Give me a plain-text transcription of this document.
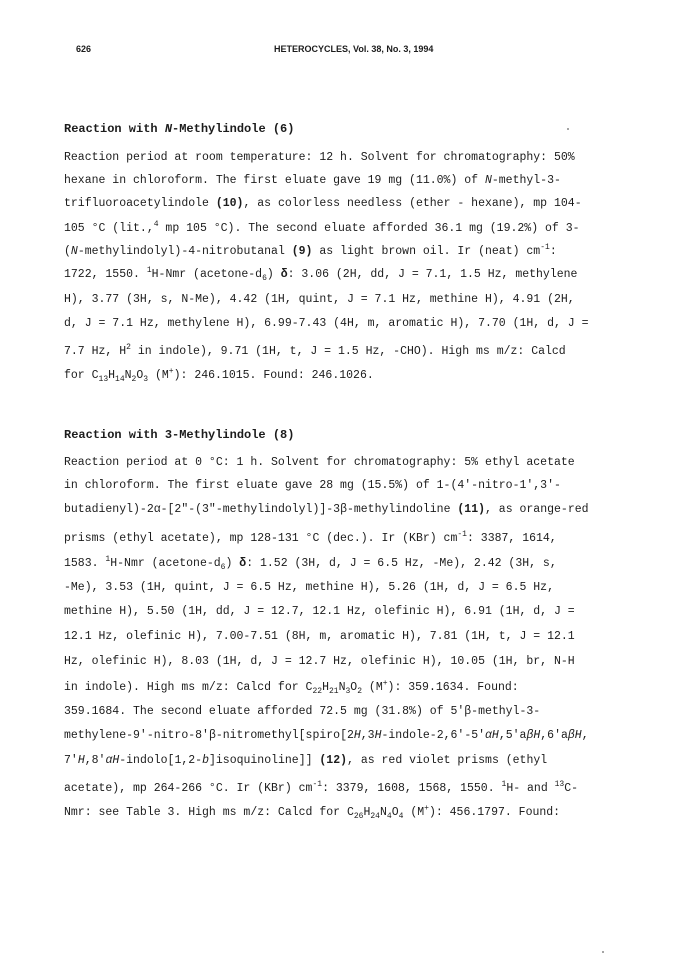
626	HETEROCYCLES, Vol. 38, No. 3, 1994
Reaction with N-Methylindole (6)
Reaction period at room temperature: 12 h. Solvent for chromatography: 50%
hexane in chloroform. The first eluate gave 19 mg (11.0%) of N-methyl-3-
trifluoroacetylindole (10), as colorless needless (ether - hexane), mp 104-
105 °C (lit.,$^4$ mp 105 °C). The second eluate afforded 36.1 mg (19.2%) of 3-
(N-methylindolyl)-4-nitrobutanal (9) as light brown oil. Ir (neat) $cm^{-1}$:
1722, 1550. $^1$H-Nmr $(acetone-d_6)$ δ: 3.06 (2H, dd, J = 7.1, 1.5 Hz, methylene
H), 3.77 (3H, s, N-Me), 4.42 (1H, quint, J = 7.1 Hz, methine H), 4.91 (2H,
d, J = 7.1 Hz, methylene H), 6.99-7.43 (4H, m, aromatic H), 7.70 (1H, d, J =
7.7 Hz, $H^2$ in indole), 9.71 (1H, t, J = 1.5 Hz, -CHO). High ms m/z: Calcd
for $C_{13}H_{14}N_2O_3$ (M+): 246.1015. Found: 246.1026.
Reaction with 3-Methylindole (8)
Reaction period at 0 °C: 1 h. Solvent for chromatography: 5% ethyl acetate
in chloroform. The first eluate gave 28 mg (15.5%) of 1-(4'-nitro-1',3'-
butadienyl)-2α-[2"-(3"-methylindolyl)]-3β-methylindoline (11), as orange-red
prisms (ethyl acetate), mp 128-131 °C (dec.). Ir (KBr) $cm^{-1}$: 3387, 1614,
1583. $^1$H-Nmr $(acetone-d_6)$ δ: 1.52 (3H, d, J = 6.5 Hz, -Me), 2.42 (3H, s,
-Me), 3.53 (1H, quint, J = 6.5 Hz, methine H), 5.26 (1H, d, J = 6.5 Hz,
methine H), 5.50 (1H, dd, J = 12.7, 12.1 Hz, olefinic H), 6.91 (1H, d, J =
12.1 Hz, olefinic H), 7.00-7.51 (8H, m, aromatic H), 7.81 (1H, t, J = 12.1
Hz, olefinic H), 8.03 (1H, d, J = 12.7 Hz, olefinic H), 10.05 (1H, br, N-H
in indole). High ms m/z: Calcd for $C_{22}H_{21}N_3O_2$ (M+): 359.1634. Found:
359.1684. The second eluate afforded 72.5 mg (31.8%) of 5'β-methyl-3-
methylene-9'-nitro-8'β-nitromethyl[spiro[2H,3H-indole-2,6'-5'αH,5'aβH,6'aβH,
7'H,8'αH-indolo[1,2-b]isoquinoline]] (12), as red violet prisms (ethyl
acetate), mp 264-266 °C. Ir (KBr) $cm^{-1}$: 3379, 1608, 1568, 1550. $^1$H- and $^{13}$C-
Nmr: see Table 3. High ms m/z: Calcd for $C_{26}H_{24}N_4O_4$ (M+): 456.1797. Found:
